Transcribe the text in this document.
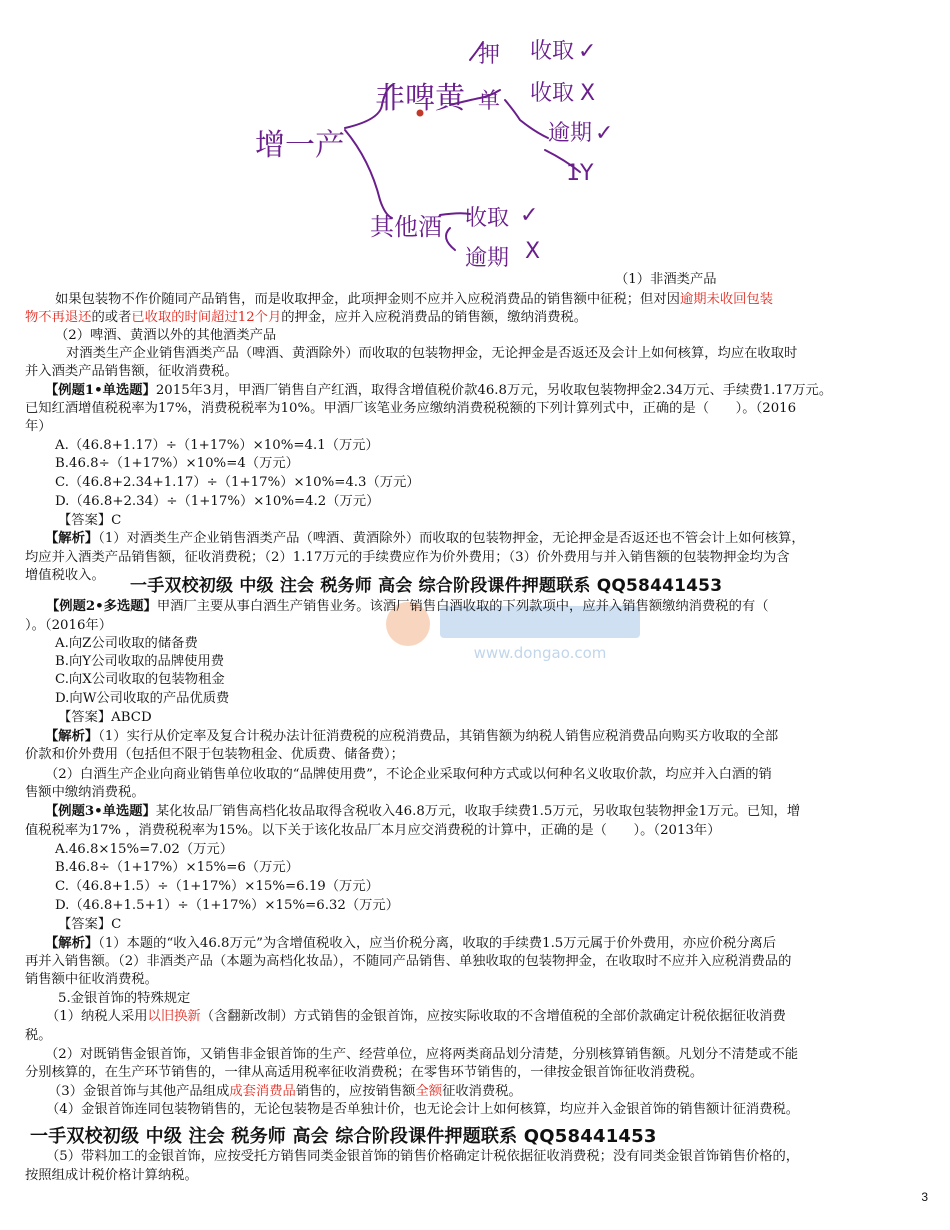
增一产
非啤黄
其他酒
押
单
收取
收取
逾期
1Y
收取
逾期
✓
X
✓
✓
X
www.dongao.com
（1）非酒类产品
如果包装物不作价随同产品销售，而是收取押金，此项押金则不应并入应税消费品的销售额中征税；但对因逾期未收回包装
物不再退还的或者已收取的时间超过12个月的押金，应并入应税消费品的销售额，缴纳消费税。
（2）啤酒、黄酒以外的其他酒类产品
对酒类生产企业销售酒类产品（啤酒、黄酒除外）而收取的包装物押金，无论押金是否返还及会计上如何核算，均应在收取时
并入酒类产品销售额，征收消费税。
【例题1•单选题】2015年3月，甲酒厂销售自产红酒，取得含增值税价款46.8万元，另收取包装物押金2.34万元、手续费1.17万元。
已知红酒增值税税率为17%，消费税税率为10%。甲酒厂该笔业务应缴纳消费税税额的下列计算列式中，正确的是（　　）。（2016
年）
A.（46.8+1.17）÷（1+17%）×10%=4.1（万元）
B.46.8÷（1+17%）×10%=4（万元）
C.（46.8+2.34+1.17）÷（1+17%）×10%=4.3（万元）
D.（46.8+2.34）÷（1+17%）×10%=4.2（万元）
【答案】C
【解析】（1）对酒类生产企业销售酒类产品（啤酒、黄酒除外）而收取的包装物押金，无论押金是否返还也不管会计上如何核算，
均应并入酒类产品销售额，征收消费税；（2）1.17万元的手续费应作为价外费用；（3）价外费用与并入销售额的包装物押金均为含
增值税收入。
【例题2•多选题】甲酒厂主要从事白酒生产销售业务。该酒厂销售白酒收取的下列款项中，应并入销售额缴纳消费税的有（
）。（2016年）
A.向Z公司收取的储备费
B.向Y公司收取的品牌使用费
C.向X公司收取的包装物租金
D.向W公司收取的产品优质费
【答案】ABCD
【解析】（1）实行从价定率及复合计税办法计征消费税的应税消费品，其销售额为纳税人销售应税消费品向购买方收取的全部
价款和价外费用（包括但不限于包装物租金、优质费、储备费）；
（2）白酒生产企业向商业销售单位收取的“品牌使用费”，不论企业采取何种方式或以何种名义收取价款，均应并入白酒的销
售额中缴纳消费税。
【例题3•单选题】某化妆品厂销售高档化妆品取得含税收入46.8万元，收取手续费1.5万元，另收取包装物押金1万元。已知，增
值税税率为17% ，消费税税率为15%。以下关于该化妆品厂本月应交消费税的计算中，正确的是（　　）。（2013年）
A.46.8×15%=7.02（万元）
B.46.8÷（1+17%）×15%=6（万元）
C.（46.8+1.5）÷（1+17%）×15%=6.19（万元）
D.（46.8+1.5+1）÷（1+17%）×15%=6.32（万元）
【答案】C
【解析】（1）本题的“收入46.8万元”为含增值税收入，应当价税分离，收取的手续费1.5万元属于价外费用，亦应价税分离后
再并入销售额。（2）非酒类产品（本题为高档化妆品），不随同产品销售、单独收取的包装物押金，在收取时不应并入应税消费品的
销售额中征收消费税。
5.金银首饰的特殊规定
（1）纳税人采用以旧换新（含翻新改制）方式销售的金银首饰，应按实际收取的不含增值税的全部价款确定计税依据征收消费
税。
（2）对既销售金银首饰，又销售非金银首饰的生产、经营单位，应将两类商品划分清楚，分别核算销售额。凡划分不清楚或不能
分别核算的，在生产环节销售的，一律从高适用税率征收消费税；在零售环节销售的，一律按金银首饰征收消费税。
（3）金银首饰与其他产品组成成套消费品销售的，应按销售额全额征收消费税。
（4）金银首饰连同包装物销售的，无论包装物是否单独计价，也无论会计上如何核算，均应并入金银首饰的销售额计征消费税。
（5）带料加工的金银首饰，应按受托方销售同类金银首饰的销售价格确定计税依据征收消费税；没有同类金银首饰销售价格的，
按照组成计税价格计算纳税。
一手双校初级 中级 注会 税务师 高会 综合阶段课件押题联系 QQ58441453
一手双校初级 中级 注会 税务师 高会 综合阶段课件押题联系 QQ58441453
3
